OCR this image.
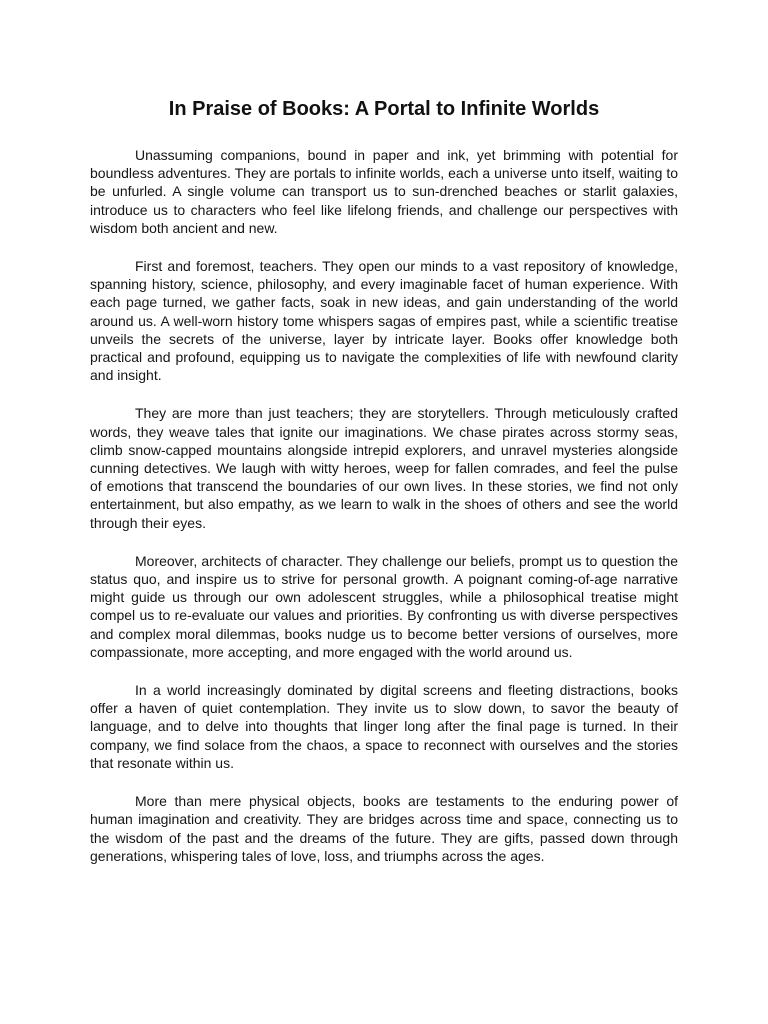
In Praise of Books: A Portal to Infinite Worlds

Unassuming companions, bound in paper and ink, yet brimming with potential for boundless adventures. They are portals to infinite worlds, each a universe unto itself, waiting to be unfurled. A single volume can transport us to sun-drenched beaches or starlit galaxies, introduce us to characters who feel like lifelong friends, and challenge our perspectives with wisdom both ancient and new.

First and foremost, teachers. They open our minds to a vast repository of knowledge, spanning history, science, philosophy, and every imaginable facet of human experience. With each page turned, we gather facts, soak in new ideas, and gain understanding of the world around us. A well-worn history tome whispers sagas of empires past, while a scientific treatise unveils the secrets of the universe, layer by intricate layer. Books offer knowledge both practical and profound, equipping us to navigate the complexities of life with newfound clarity and insight.

They are more than just teachers; they are storytellers. Through meticulously crafted words, they weave tales that ignite our imaginations. We chase pirates across stormy seas, climb snow-capped mountains alongside intrepid explorers, and unravel mysteries alongside cunning detectives. We laugh with witty heroes, weep for fallen comrades, and feel the pulse of emotions that transcend the boundaries of our own lives. In these stories, we find not only entertainment, but also empathy, as we learn to walk in the shoes of others and see the world through their eyes.

Moreover, architects of character. They challenge our beliefs, prompt us to question the status quo, and inspire us to strive for personal growth. A poignant coming-of-age narrative might guide us through our own adolescent struggles, while a philosophical treatise might compel us to re-evaluate our values and priorities. By confronting us with diverse perspectives and complex moral dilemmas, books nudge us to become better versions of ourselves, more compassionate, more accepting, and more engaged with the world around us.

In a world increasingly dominated by digital screens and fleeting distractions, books offer a haven of quiet contemplation. They invite us to slow down, to savor the beauty of language, and to delve into thoughts that linger long after the final page is turned. In their company, we find solace from the chaos, a space to reconnect with ourselves and the stories that resonate within us.

More than mere physical objects, books are testaments to the enduring power of human imagination and creativity. They are bridges across time and space, connecting us to the wisdom of the past and the dreams of the future. They are gifts, passed down through generations, whispering tales of love, loss, and triumphs across the ages.
